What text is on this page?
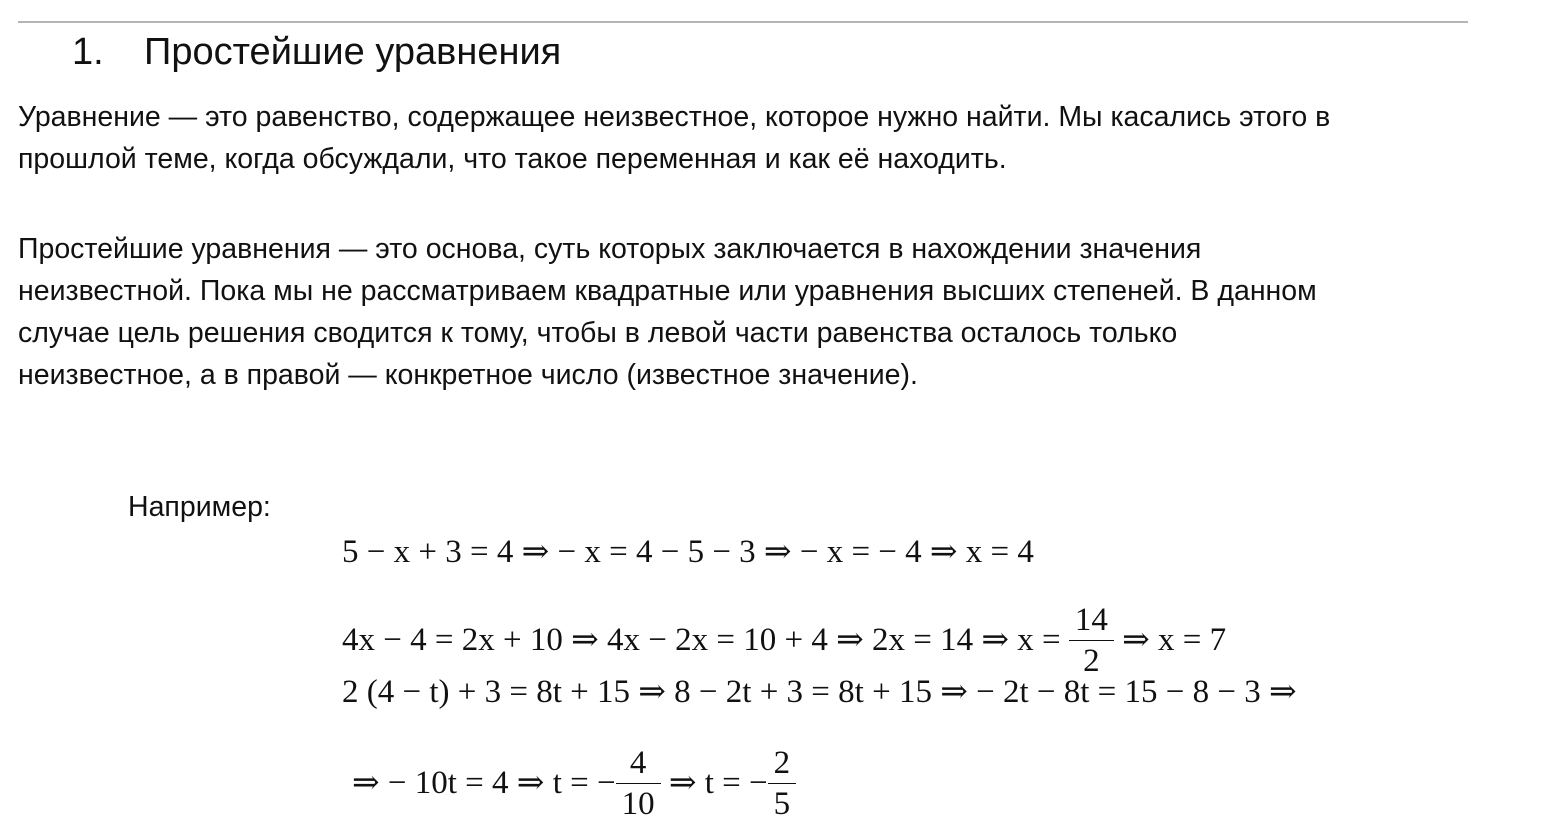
1. Простейшие уравнения

Уравнение — это равенство, содержащее неизвестное, которое нужно найти. Мы касались этого в
прошлой теме, когда обсуждали, что такое переменная и как её находить.

Простейшие уравнения — это основа, суть которых заключается в нахождении значения
неизвестной. Пока мы не рассматриваем квадратные или уравнения высших степеней. В данном
случае цель решения сводится к тому, чтобы в левой части равенства осталось только
неизвестное, а в правой — конкретное число (известное значение).

Например:
5 − x + 3 = 4 ⇒ − x = 4 − 5 − 3 ⇒ − x = − 4 ⇒ x = 4
4x − 4 = 2x + 10 ⇒ 4x − 2x = 10 + 4 ⇒ 2x = 14 ⇒ $x = \frac{14}{2}$ ⇒ x = 7
2 (4 − t) + 3 = 8t + 15 ⇒ 8 − 2t + 3 = 8t + 15 ⇒ − 2t − 8t = 15 − 8 − 3 ⇒
⇒ − 10t = 4 ⇒ t = − $\frac{4}{10}$ ⇒ t = − $\frac{2}{5}$
